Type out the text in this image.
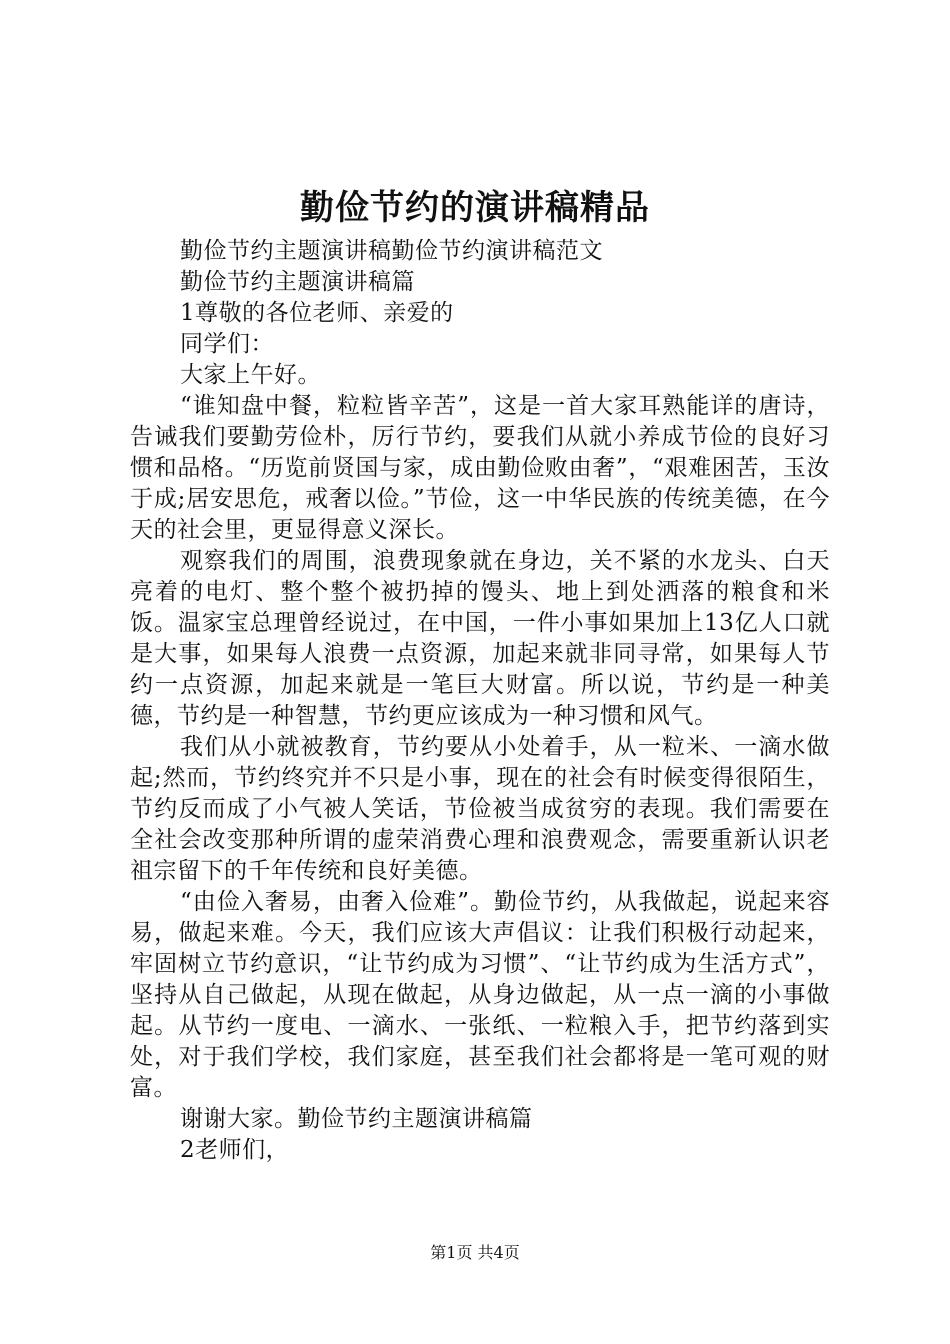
勤俭节约的演讲稿精品

勤俭节约主题演讲稿勤俭节约演讲稿范文

勤俭节约主题演讲稿篇

1尊敬的各位老师、亲爱的

同学们：

大家上午好。

“谁知盘中餐，粒粒皆辛苦”，这是一首大家耳熟能详的唐诗，告诫我们要勤劳俭朴，厉行节约，要我们从就小养成节俭的良好习惯和品格。“历览前贤国与家，成由勤俭败由奢”，“艰难困苦，玉汝于成;居安思危，戒奢以俭。”节俭，这一中华民族的传统美德，在今天的社会里，更显得意义深长。

观察我们的周围，浪费现象就在身边，关不紧的水龙头、白天亮着的电灯、整个整个被扔掉的馒头、地上到处洒落的粮食和米饭。温家宝总理曾经说过，在中国，一件小事如果加上13亿人口就是大事，如果每人浪费一点资源，加起来就非同寻常，如果每人节约一点资源，加起来就是一笔巨大财富。所以说，节约是一种美德，节约是一种智慧，节约更应该成为一种习惯和风气。

我们从小就被教育，节约要从小处着手，从一粒米、一滴水做起;然而，节约终究并不只是小事，现在的社会有时候变得很陌生，节约反而成了小气被人笑话，节俭被当成贫穷的表现。我们需要在全社会改变那种所谓的虚荣消费心理和浪费观念，需要重新认识老祖宗留下的千年传统和良好美德。

“由俭入奢易，由奢入俭难”。勤俭节约，从我做起，说起来容易，做起来难。今天，我们应该大声倡议：让我们积极行动起来，牢固树立节约意识，“让节约成为习惯”、“让节约成为生活方式”，坚持从自己做起，从现在做起，从身边做起，从一点一滴的小事做起。从节约一度电、一滴水、一张纸、一粒粮入手，把节约落到实处，对于我们学校，我们家庭，甚至我们社会都将是一笔可观的财富。

谢谢大家。勤俭节约主题演讲稿篇

2老师们，

第1页 共4页
